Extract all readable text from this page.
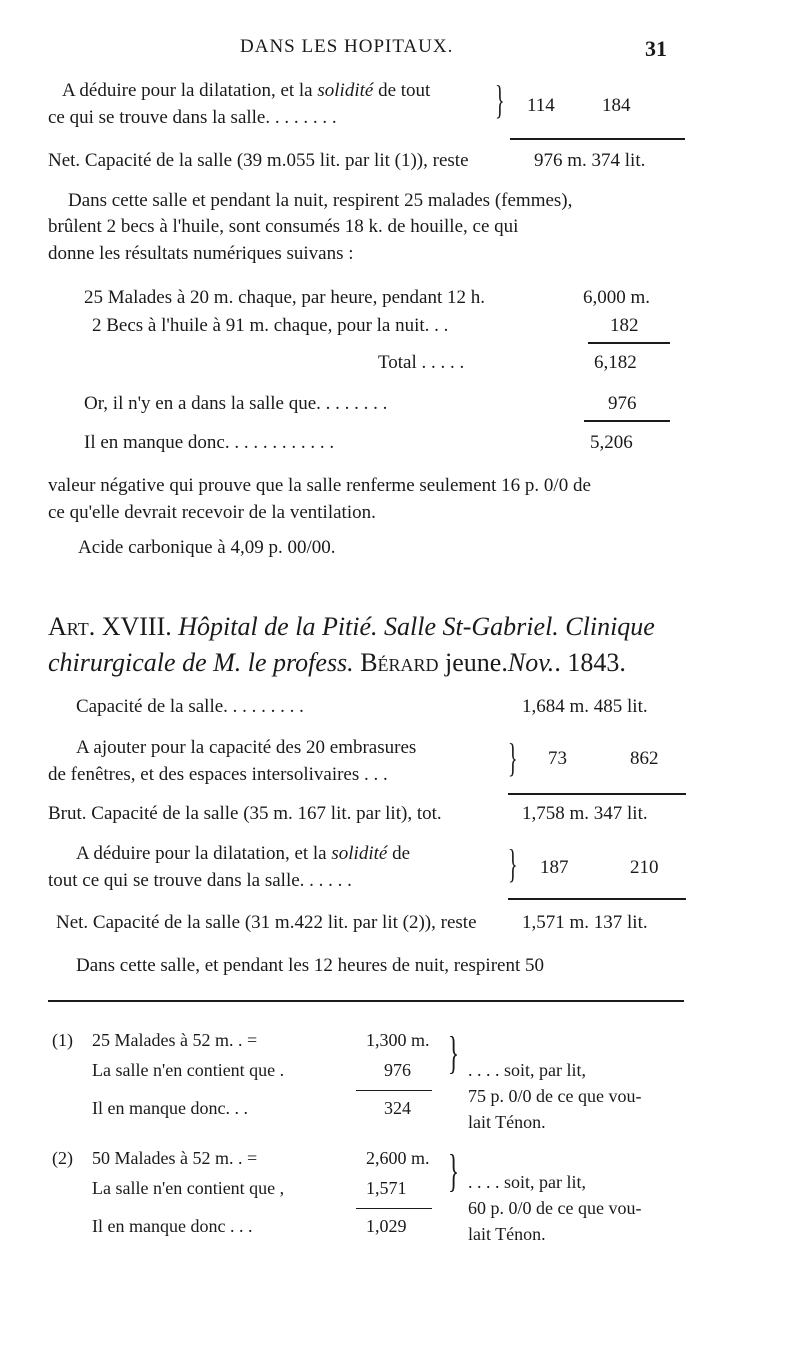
DANS LES HOPITAUX.	31
A déduire pour la dilatation, et la solidité de tout
ce qui se trouve dans la salle. . . . . . . .	} 114 184
Net. Capacité de la salle (39 m.055 lit. par lit (1)), reste	976 m. 374 lit.
Dans cette salle et pendant la nuit, respirent 25 malades (femmes),
brûlent 2 becs à l'huile, sont consumés 18 k. de houille, ce qui
donne les résultats numériques suivans :
25 Malades à 20 m. chaque, par heure, pendant 12 h.	6,000 m.
2 Becs à l'huile à 91 m. chaque, pour la nuit. . .	182
Total . . . . .	6,182
Or, il n'y en a dans la salle que. . . . . . . .	976
Il en manque donc. . . . . . . . . . . .	5,206
valeur négative qui prouve que la salle renferme seulement 16 p. 0/0 de
ce qu'elle devrait recevoir de la ventilation.
Acide carbonique à 4,09 p. 00/00.
Art. XVIII. Hôpital de la Pitié. Salle St-Gabriel. Clinique
chirurgicale de M. le profess. Bérard jeune.Nov.. 1843.
Capacité de la salle. . . . . . . . .	1,684 m. 485 lit.
A ajouter pour la capacité des 20 embrasures
de fenêtres, et des espaces intersolivaires . . .	} 73	862
Brut. Capacité de la salle (35 m. 167 lit. par lit), tot.	1,758 m. 347 lit.
A déduire pour la dilatation, et la solidité de
tout ce qui se trouve dans la salle. . . . . .	} 187	210
Net. Capacité de la salle (31 m.422 lit. par lit (2)), reste 1,571 m. 137 lit.
Dans cette salle, et pendant les 12 heures de nuit, respirent 50
(1) 25 Malades à 52 m. . =	1,300 m.
La salle n'en contient que .	976
Il en manque donc. . .	324
} . . . . soit, par lit,
75 p. 0/0 de ce que vou-
lait Ténon.
(2) 50 Malades à 52 m. . =	2,600 m.
La salle n'en contient que ,	1,571
Il en manque donc . . .	1,029
} . . . . soit, par lit,
60 p. 0/0 de ce que vou-
lait Ténon.
